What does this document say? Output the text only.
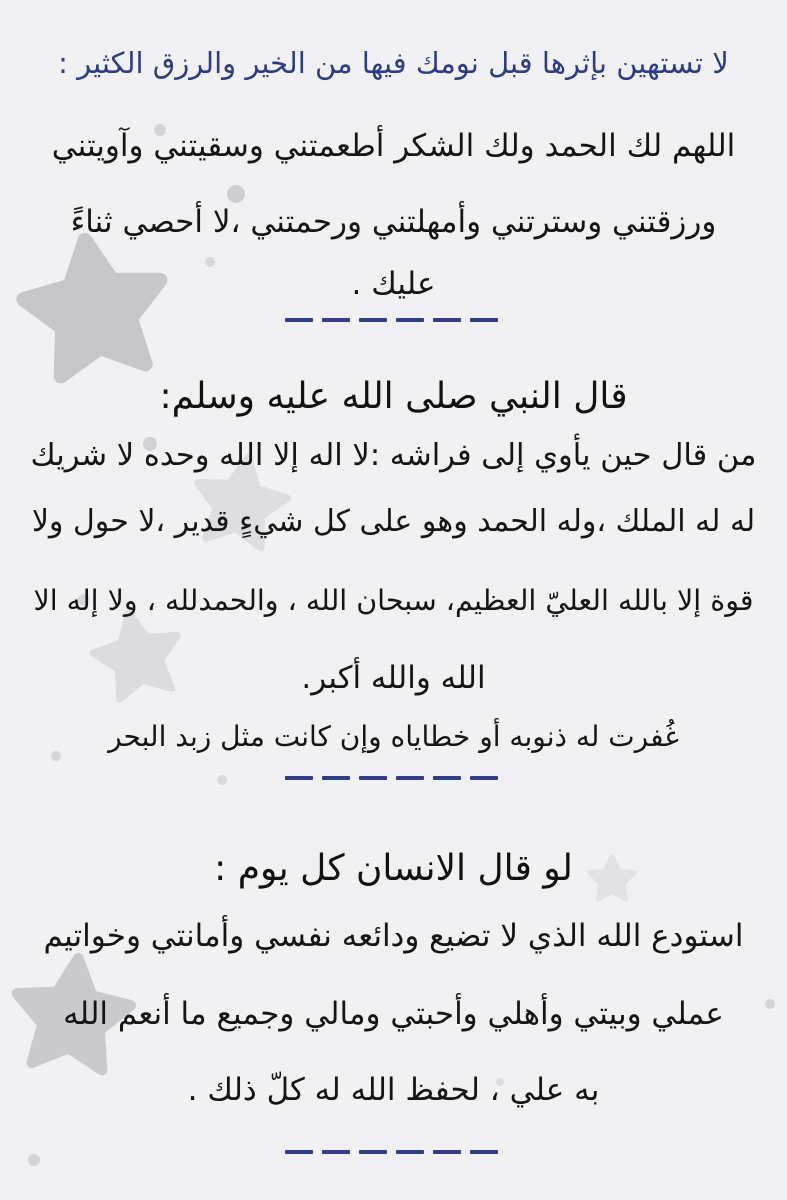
لا تستهين بإثرها قبل نومك فيها من الخير والرزق الكثير :
اللهم لك الحمد ولك الشكر أطعمتني وسقيتني وآويتني
ورزقتني وسترتني وأمهلتني ورحمتني ،لا أحصي ثناءً
عليك .
قال النبي صلى الله عليه وسلم:
من قال حين يأوي إلى فراشه :لا اله إلا الله وحده لا شريك
له له الملك ،وله الحمد وهو على كل شيءٍ قدير ،لا حول ولا
قوة إلا بالله العليّ العظيم، سبحان الله ، والحمدلله ، ولا إله الا
الله والله أكبر.
غُفرت له ذنوبه أو خطاياه وإن كانت مثل زبد البحر
لو قال الانسان كل يوم :
استودع الله الذي لا تضيع ودائعه نفسي وأمانتي وخواتيم
عملي وبيتي وأهلي وأحبتي ومالي وجميع ما أنعم الله
به علي ، لحفظ الله له كلّ ذلك .
